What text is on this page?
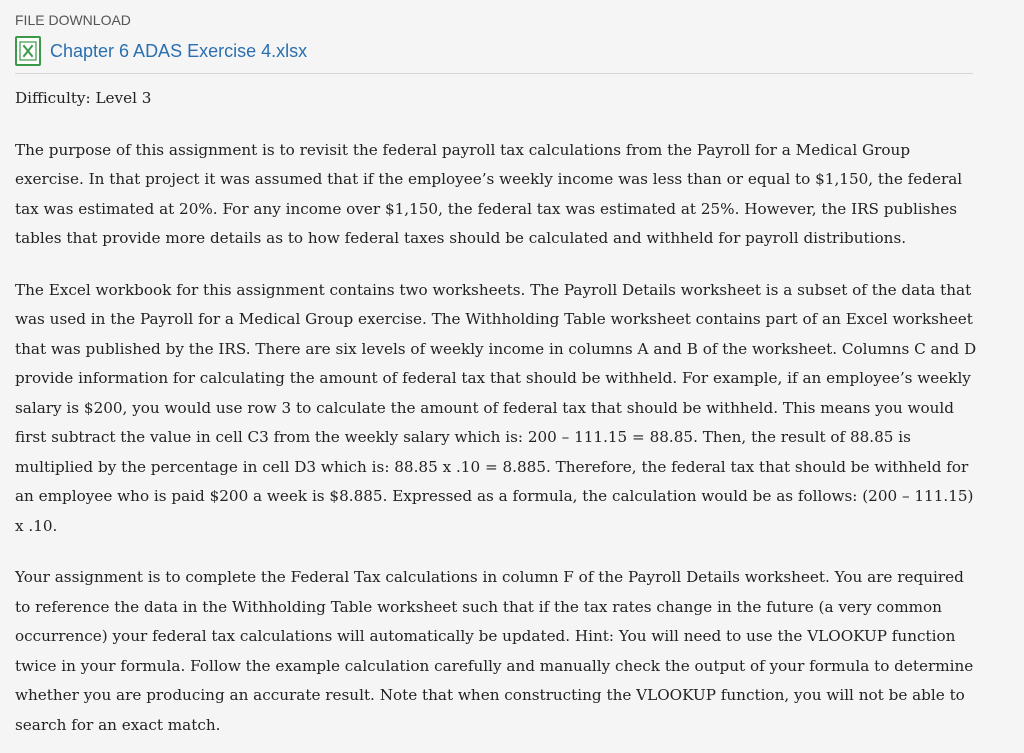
FILE DOWNLOAD
Chapter 6 ADAS Exercise 4.xlsx

Difficulty: Level 3

The purpose of this assignment is to revisit the federal payroll tax calculations from the Payroll for a Medical Group exercise. In that project it was assumed that if the employee’s weekly income was less than or equal to $1,150, the federal tax was estimated at 20%. For any income over $1,150, the federal tax was estimated at 25%. However, the IRS publishes tables that provide more details as to how federal taxes should be calculated and withheld for payroll distributions.

The Excel workbook for this assignment contains two worksheets. The Payroll Details worksheet is a subset of the data that was used in the Payroll for a Medical Group exercise. The Withholding Table worksheet contains part of an Excel worksheet that was published by the IRS. There are six levels of weekly income in columns A and B of the worksheet. Columns C and D provide information for calculating the amount of federal tax that should be withheld. For example, if an employee’s weekly salary is $200, you would use row 3 to calculate the amount of federal tax that should be withheld. This means you would first subtract the value in cell C3 from the weekly salary which is: 200 – 111.15 = 88.85. Then, the result of 88.85 is multiplied by the percentage in cell D3 which is: 88.85 x .10 = 8.885. Therefore, the federal tax that should be withheld for an employee who is paid $200 a week is $8.885. Expressed as a formula, the calculation would be as follows: (200 – 111.15) x .10.

Your assignment is to complete the Federal Tax calculations in column F of the Payroll Details worksheet. You are required to reference the data in the Withholding Table worksheet such that if the tax rates change in the future (a very common occurrence) your federal tax calculations will automatically be updated. Hint: You will need to use the VLOOKUP function twice in your formula. Follow the example calculation carefully and manually check the output of your formula to determine whether you are producing an accurate result. Note that when constructing the VLOOKUP function, you will not be able to search for an exact match.
